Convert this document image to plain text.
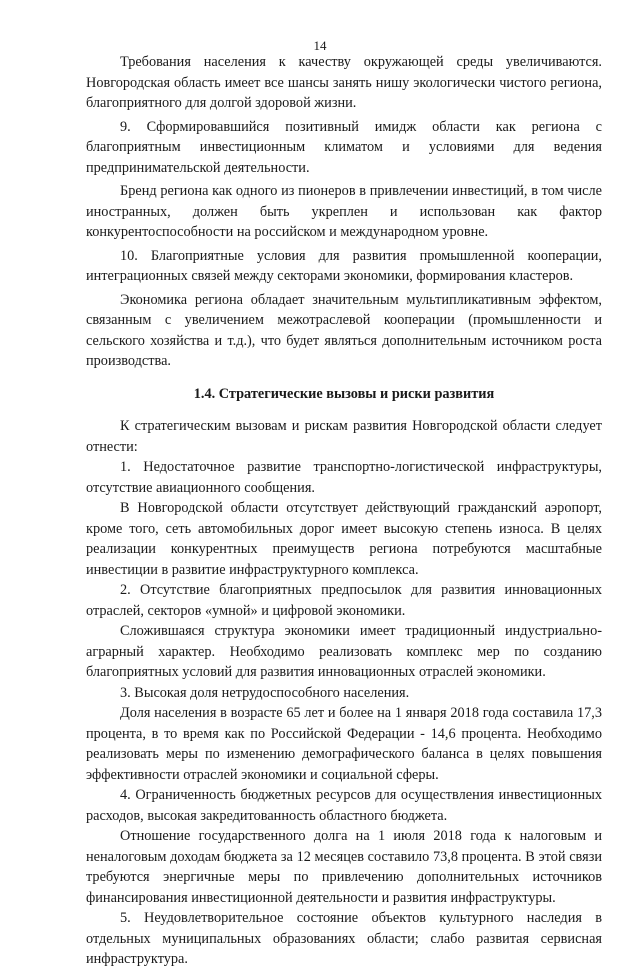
14

Требования населения к качеству окружающей среды увеличиваются. Новгородская область имеет все шансы занять нишу экологически чистого региона, благоприятного для долгой здоровой жизни.

9. Сформировавшийся позитивный имидж области как региона с благоприятным инвестиционным климатом и условиями для ведения предпринимательской деятельности.

Бренд региона как одного из пионеров в привлечении инвестиций, в том числе иностранных, должен быть укреплен и использован как фактор конкурентоспособности на российском и международном уровне.

10. Благоприятные условия для развития промышленной кооперации, интеграционных связей между секторами экономики, формирования кластеров.

Экономика региона обладает значительным мультипликативным эффектом, связанным с увеличением межотраслевой кооперации (промышленности и сельского хозяйства и т.д.), что будет являться дополнительным источником роста производства.

1.4. Стратегические вызовы и риски развития

К стратегическим вызовам и рискам развития Новгородской области следует отнести:

1. Недостаточное развитие транспортно-логистической инфраструктуры, отсутствие авиационного сообщения.

В Новгородской области отсутствует действующий гражданский аэропорт, кроме того, сеть автомобильных дорог имеет высокую степень износа. В целях реализации конкурентных преимуществ региона потребуются масштабные инвестиции в развитие инфраструктурного комплекса.

2. Отсутствие благоприятных предпосылок для развития инновационных отраслей, секторов «умной» и цифровой экономики.

Сложившаяся структура экономики имеет традиционный индустриально-аграрный характер. Необходимо реализовать комплекс мер по созданию благоприятных условий для развития инновационных отраслей экономики.

3. Высокая доля нетрудоспособного населения.

Доля населения в возрасте 65 лет и более на 1 января 2018 года составила 17,3 процента, в то время как по Российской Федерации - 14,6 процента. Необходимо реализовать меры по изменению демографического баланса в целях повышения эффективности отраслей экономики и социальной сферы.

4. Ограниченность бюджетных ресурсов для осуществления инвестиционных расходов, высокая закредитованность областного бюджета.

Отношение государственного долга на 1 июля 2018 года к налоговым и неналоговым доходам бюджета за 12 месяцев составило 73,8 процента. В этой связи требуются энергичные меры по привлечению дополнительных источников финансирования инвестиционной деятельности и развития инфраструктуры.

5. Неудовлетворительное состояние объектов культурного наследия в отдельных муниципальных образованиях области; слабо развитая сервисная инфраструктура.
